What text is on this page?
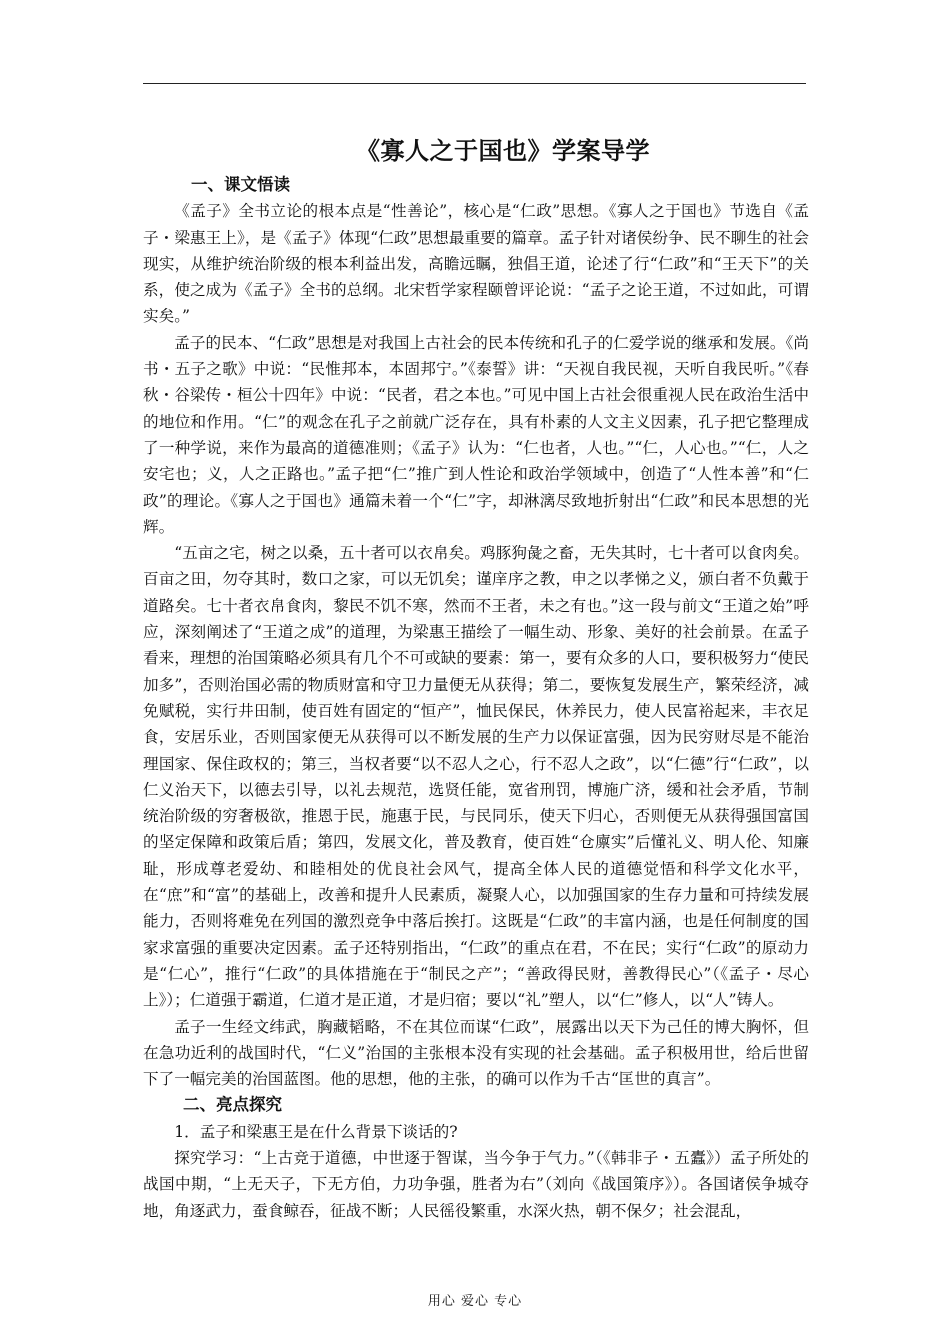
《寡人之于国也》学案导学
一、课文悟读

《孟子》全书立论的根本点是“性善论”，核心是“仁政”思想。《寡人之于国也》节选自《孟子・梁惠王上》，是《孟子》体现“仁政”思想最重要的篇章。孟子针对诸侯纷争、民不聊生的社会现实，从维护统治阶级的根本利益出发，高瞻远瞩，独倡王道，论述了行“仁政”和“王天下”的关系，使之成为《孟子》全书的总纲。北宋哲学家程颐曾评论说：“孟子之论王道，不过如此，可谓实矣。”

孟子的民本、“仁政”思想是对我国上古社会的民本传统和孔子的仁爱学说的继承和发展。《尚书・五子之歌》中说：“民惟邦本，本固邦宁。”《泰誓》讲：“天视自我民视，天听自我民听。”《春秋・谷梁传・桓公十四年》中说：“民者，君之本也。”可见中国上古社会很重视人民在政治生活中的地位和作用。“仁”的观念在孔子之前就广泛存在，具有朴素的人文主义因素，孔子把它整理成了一种学说，来作为最高的道德准则；《孟子》认为：“仁也者，人也。”“仁，人心也。”“仁，人之安宅也；义，人之正路也。”孟子把“仁”推广到人性论和政治学领域中，创造了“人性本善”和“仁政”的理论。《寡人之于国也》通篇未着一个“仁”字，却淋漓尽致地折射出“仁政”和民本思想的光辉。

“五亩之宅，树之以桑，五十者可以衣帛矣。鸡豚狗彘之畜，无失其时，七十者可以食肉矣。百亩之田，勿夺其时，数口之家，可以无饥矣；谨庠序之教，申之以孝悌之义，颁白者不负戴于道路矣。七十者衣帛食肉，黎民不饥不寒，然而不王者，未之有也。”这一段与前文“王道之始”呼应，深刻阐述了“王道之成”的道理，为梁惠王描绘了一幅生动、形象、美好的社会前景。在孟子看来，理想的治国策略必须具有几个不可或缺的要素：第一，要有众多的人口，要积极努力“使民加多”，否则治国必需的物质财富和守卫力量便无从获得；第二，要恢复发展生产，繁荣经济，减免赋税，实行井田制，使百姓有固定的“恒产”，恤民保民，休养民力，使人民富裕起来，丰衣足食，安居乐业，否则国家便无从获得可以不断发展的生产力以保证富强，因为民穷财尽是不能治理国家、保住政权的；第三，当权者要“以不忍人之心，行不忍人之政”，以“仁德”行“仁政”，以仁义治天下，以德去引导，以礼去规范，选贤任能，宽省刑罚，博施广济，缓和社会矛盾，节制统治阶级的穷奢极欲，推恩于民，施惠于民，与民同乐，使天下归心，否则便无从获得强国富国的坚定保障和政策后盾；第四，发展文化，普及教育，使百姓“仓廪实”后懂礼义、明人伦、知廉耻，形成尊老爱幼、和睦相处的优良社会风气，提高全体人民的道德觉悟和科学文化水平，在“庶”和“富”的基础上，改善和提升人民素质，凝聚人心，以加强国家的生存力量和可持续发展能力，否则将难免在列国的激烈竞争中落后挨打。这既是“仁政”的丰富内涵，也是任何制度的国家求富强的重要决定因素。孟子还特别指出，“仁政”的重点在君，不在民；实行“仁政”的原动力是“仁心”，推行“仁政”的具体措施在于“制民之产”；“善政得民财，善教得民心”（《孟子・尽心上》）；仁道强于霸道，仁道才是正道，才是归宿；要以“礼”塑人，以“仁”修人，以“人”铸人。

孟子一生经文纬武，胸藏韬略，不在其位而谋“仁政”，展露出以天下为己任的博大胸怀，但在急功近利的战国时代，“仁义”治国的主张根本没有实现的社会基础。孟子积极用世，给后世留下了一幅完美的治国蓝图。他的思想，他的主张，的确可以作为千古“匡世的真言”。

二、亮点探究
1．孟子和梁惠王是在什么背景下谈话的?

探究学习：“上古竞于道德，中世逐于智谋，当今争于气力。”（《韩非子・五蠹》）孟子所处的战国中期，“上无天子，下无方伯，力功争强，胜者为右”（刘向《战国策序》）。各国诸侯争城夺地，角逐武力，蚕食鲸吞，征战不断；人民徭役繁重，水深火热，朝不保夕；社会混乱，

用心 爱心 专心
